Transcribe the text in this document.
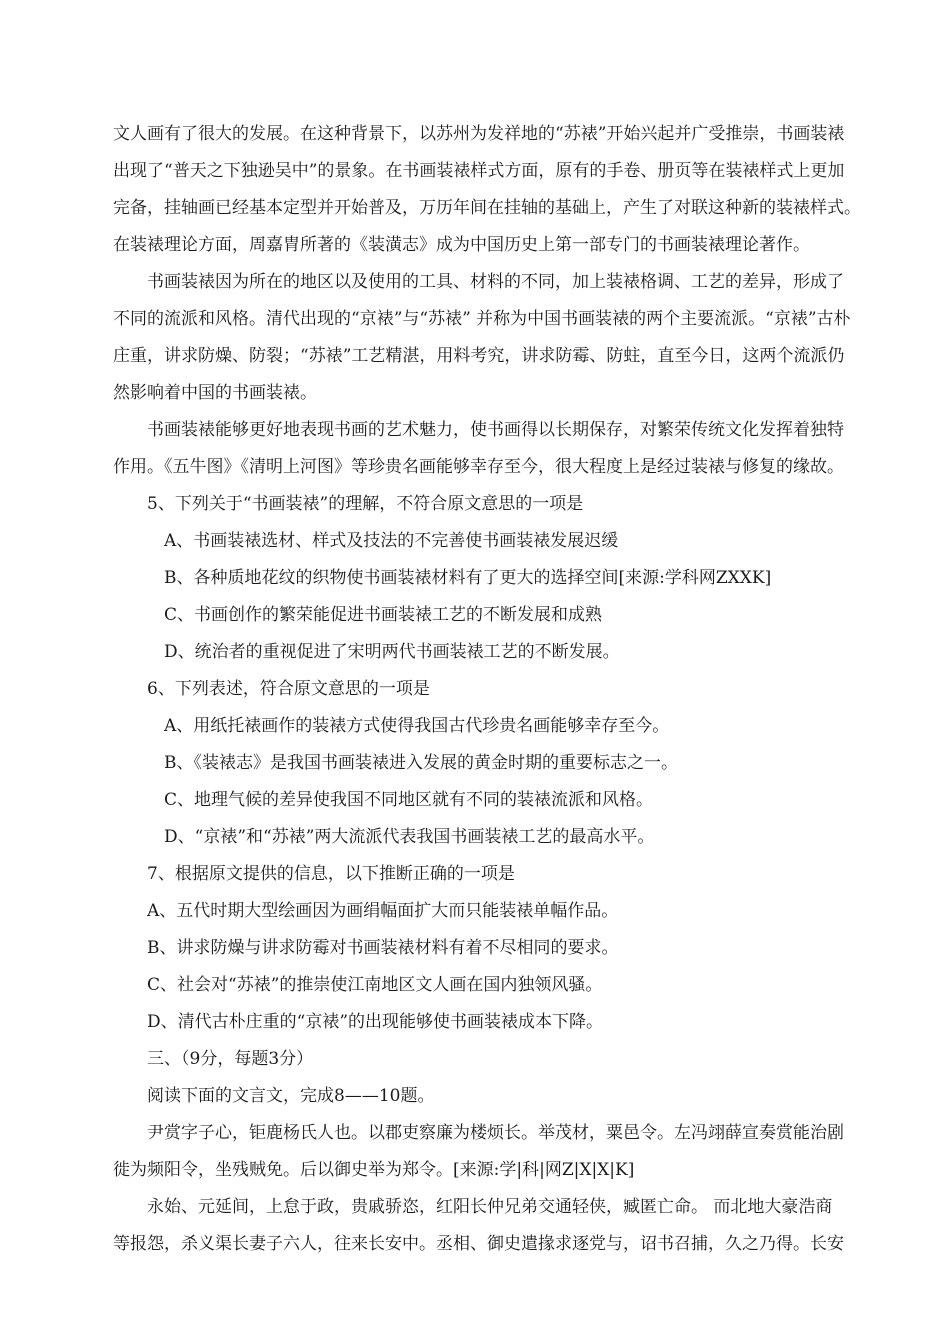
文人画有了很大的发展。在这种背景下，以苏州为发祥地的“苏裱”开始兴起并广受推崇，书画装裱
出现了“普天之下独逊吴中”的景象。在书画装裱样式方面，原有的手卷、册页等在装裱样式上更加
完备，挂轴画已经基本定型并开始普及，万历年间在挂轴的基础上，产生了对联这种新的装裱样式。
在装裱理论方面，周嘉胄所著的《装潢志》成为中国历史上第一部专门的书画装裱理论著作。
书画装裱因为所在的地区以及使用的工具、材料的不同，加上装裱格调、工艺的差异，形成了
不同的流派和风格。清代出现的“京裱”与“苏裱” 并称为中国书画装裱的两个主要流派。“京裱”古朴
庄重，讲求防燥、防裂；“苏裱”工艺精湛，用料考究，讲求防霉、防蛀，直至今日，这两个流派仍
然影响着中国的书画装裱。
书画装裱能够更好地表现书画的艺术魅力，使书画得以长期保存，对繁荣传统文化发挥着独特
作用。《五牛图》《清明上河图》等珍贵名画能够幸存至今，很大程度上是经过装裱与修复的缘故。
5、下列关于“书画装裱”的理解，不符合原文意思的一项是
A、书画装裱选材、样式及技法的不完善使书画装裱发展迟缓
B、各种质地花纹的织物使书画装裱材料有了更大的选择空间[来源:学科网ZXXK]
C、书画创作的繁荣能促进书画装裱工艺的不断发展和成熟
D、统治者的重视促进了宋明两代书画装裱工艺的不断发展。
6、下列表述，符合原文意思的一项是
A、用纸托裱画作的装裱方式使得我国古代珍贵名画能够幸存至今。
B、《装裱志》是我国书画装裱进入发展的黄金时期的重要标志之一。
C、地理气候的差异使我国不同地区就有不同的装裱流派和风格。
D、“京裱”和“苏裱”两大流派代表我国书画装裱工艺的最高水平。
7、根据原文提供的信息，以下推断正确的一项是
A、五代时期大型绘画因为画绢幅面扩大而只能装裱单幅作品。
B、讲求防燥与讲求防霉对书画装裱材料有着不尽相同的要求。
C、社会对“苏裱”的推崇使江南地区文人画在国内独领风骚。
D、清代古朴庄重的“京裱”的出现能够使书画装裱成本下降。
三、（9分，每题3分）
阅读下面的文言文，完成8——10题。
尹赏字子心，钜鹿杨氏人也。以郡吏察廉为楼烦长。举茂材，粟邑令。左冯翊薛宣奏赏能治剧
徙为频阳令，坐残贼免。后以御史举为郑令。[来源:学|科|网Z|X|X|K]
永始、元延间，上怠于政，贵戚骄恣，红阳长仲兄弟交通轻侠，臧匿亡命。 而北地大豪浩商
等报怨，杀义渠长妻子六人，往来长安中。丞相、御史遣掾求逐党与，诏书召捕，久之乃得。长安
